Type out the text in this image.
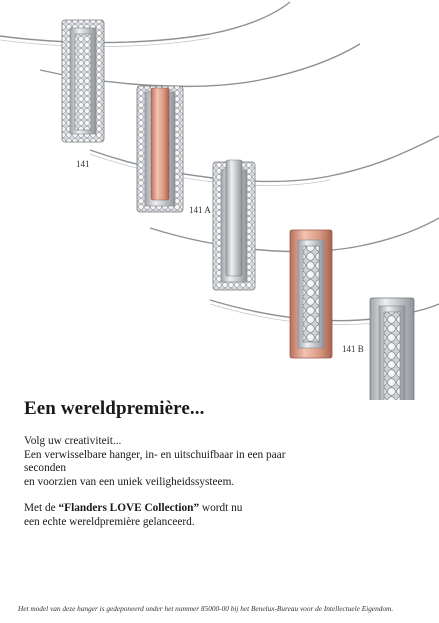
141
141 A
141 B
Een wereldpremière...

Volg uw creativiteit...

Een verwisselbare hanger, in- en uitschuifbaar in een paar seconden

en voorzien van een uniek veiligheidssysteem.

Met de “Flanders LOVE Collection” wordt nu

een echte wereldpremière gelanceerd.

Het model van deze hanger is gedeponeerd onder het nummer 85000-00 bij het Benelux-Bureau voor de Intellectuele Eigendom.
